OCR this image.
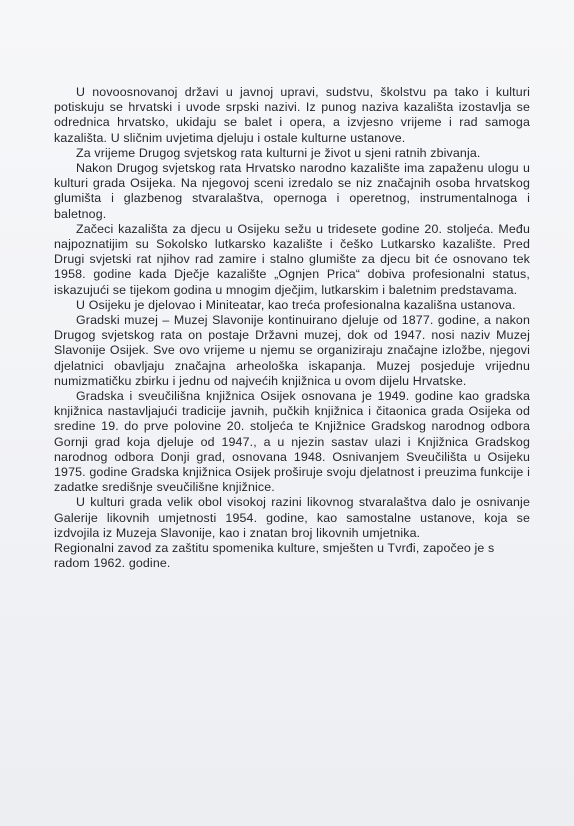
U novoosnovanoj državi u javnoj upravi, sudstvu, školstvu pa tako i kulturi potiskuju se hrvatski i uvode srpski nazivi. Iz punog naziva kazališta izostavlja se odrednica hrvatsko, ukidaju se balet i opera, a izvjesno vrijeme i rad samoga kazališta. U sličnim uvjetima djeluju i ostale kulturne ustanove.

Za vrijeme Drugog svjetskog rata kulturni je život u sjeni ratnih zbivanja.

Nakon Drugog svjetskog rata Hrvatsko narodno kazalište ima zapaženu ulogu u kulturi grada Osijeka. Na njegovoj sceni izredalo se niz značajnih osoba hrvatskog glumišta i glazbenog stvaralaštva, opernoga i operetnog, instrumentalnoga i baletnog.

Začeci kazališta za djecu u Osijeku sežu u tridesete godine 20. stoljeća. Među najpoznatijim su Sokolsko lutkarsko kazalište i češko Lutkarsko kazalište. Pred Drugi svjetski rat njihov rad zamire i stalno glumište za djecu bit će osnovano tek 1958. godine kada Dječje kazalište „Ognjen Prica“ dobiva profesionalni status, iskazujući se tijekom godina u mnogim dječjim, lutkarskim i baletnim predstavama.

U Osijeku je djelovao i Miniteatar, kao treća profesionalna kazališna ustanova.

Gradski muzej – Muzej Slavonije kontinuirano djeluje od 1877. godine, a nakon Drugog svjetskog rata on postaje Državni muzej, dok od 1947. nosi naziv Muzej Slavonije Osijek. Sve ovo vrijeme u njemu se organiziraju značajne izložbe, njegovi djelatnici obavljaju značajna arheološka iskapanja. Muzej posjeduje vrijednu numizmatičku zbirku i jednu od najvećih knjižnica u ovom dijelu Hrvatske.

Gradska i sveučilišna knjižnica Osijek osnovana je 1949. godine kao gradska knjižnica nastavljajući tradicije javnih, pučkih knjižnica i čitaonica grada Osijeka od sredine 19. do prve polovine 20. stoljeća te Knjižnice Gradskog narodnog odbora Gornji grad koja djeluje od 1947., a u njezin sastav ulazi i Knjižnica Gradskog narodnog odbora Donji grad, osnovana 1948. Osnivanjem Sveučilišta u Osijeku 1975. godine Gradska knjižnica Osijek proširuje svoju djelatnost i preuzima funkcije i zadatke središnje sveučilišne knjižnice.

U kulturi grada velik obol visokoj razini likovnog stvaralaštva dalo je osnivanje Galerije likovnih umjetnosti 1954. godine, kao samostalne ustanove, koja se izdvojila iz Muzeja Slavonije, kao i znatan broj likovnih umjetnika.

Regionalni zavod za zaštitu spomenika kulture, smješten u Tvrđi, započeo je s radom 1962. godine.
